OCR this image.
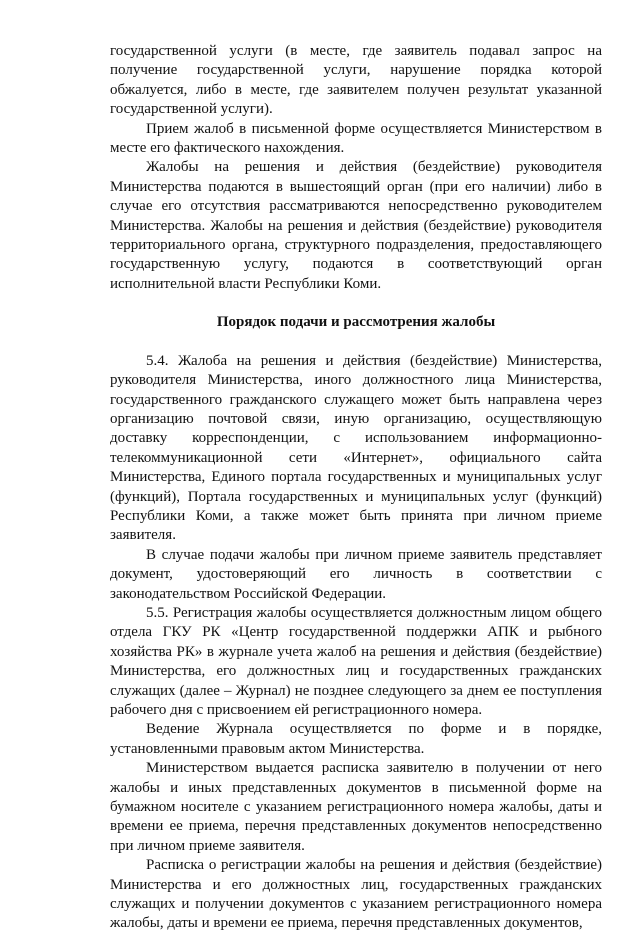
государственной услуги (в месте, где заявитель подавал запрос на получение государственной услуги, нарушение порядка которой обжалуется, либо в месте, где заявителем получен результат указанной государственной услуги).

Прием жалоб в письменной форме осуществляется Министерством в месте его фактического нахождения.

Жалобы на решения и действия (бездействие) руководителя Министерства подаются в вышестоящий орган (при его наличии) либо в случае его отсутствия рассматриваются непосредственно руководителем Министерства. Жалобы на решения и действия (бездействие) руководителя территориального органа, структурного подразделения, предоставляющего государственную услугу, подаются в соответствующий орган исполнительной власти Республики Коми.

Порядок подачи и рассмотрения жалобы

5.4. Жалоба на решения и действия (бездействие) Министерства, руководителя Министерства, иного должностного лица Министерства, государственного гражданского служащего может быть направлена через организацию почтовой связи, иную организацию, осуществляющую доставку корреспонденции, с использованием информационно-телекоммуникационной сети «Интернет», официального сайта Министерства, Единого портала государственных и муниципальных услуг (функций), Портала государственных и муниципальных услуг (функций) Республики Коми, а также может быть принята при личном приеме заявителя.

В случае подачи жалобы при личном приеме заявитель представляет документ, удостоверяющий его личность в соответствии с законодательством Российской Федерации.

5.5. Регистрация жалобы осуществляется должностным лицом общего отдела ГКУ РК «Центр государственной поддержки АПК и рыбного хозяйства РК» в журнале учета жалоб на решения и действия (бездействие) Министерства, его должностных лиц и государственных гражданских служащих (далее – Журнал) не позднее следующего за днем ее поступления рабочего дня с присвоением ей регистрационного номера.

Ведение Журнала осуществляется по форме и в порядке, установленными правовым актом Министерства.

Министерством выдается расписка заявителю в получении от него жалобы и иных представленных документов в письменной форме на бумажном носителе с указанием регистрационного номера жалобы, даты и времени ее приема, перечня представленных документов непосредственно при личном приеме заявителя.

Расписка о регистрации жалобы на решения и действия (бездействие) Министерства и его должностных лиц, государственных гражданских служащих и получении документов с указанием регистрационного номера жалобы, даты и времени ее приема, перечня представленных документов,
